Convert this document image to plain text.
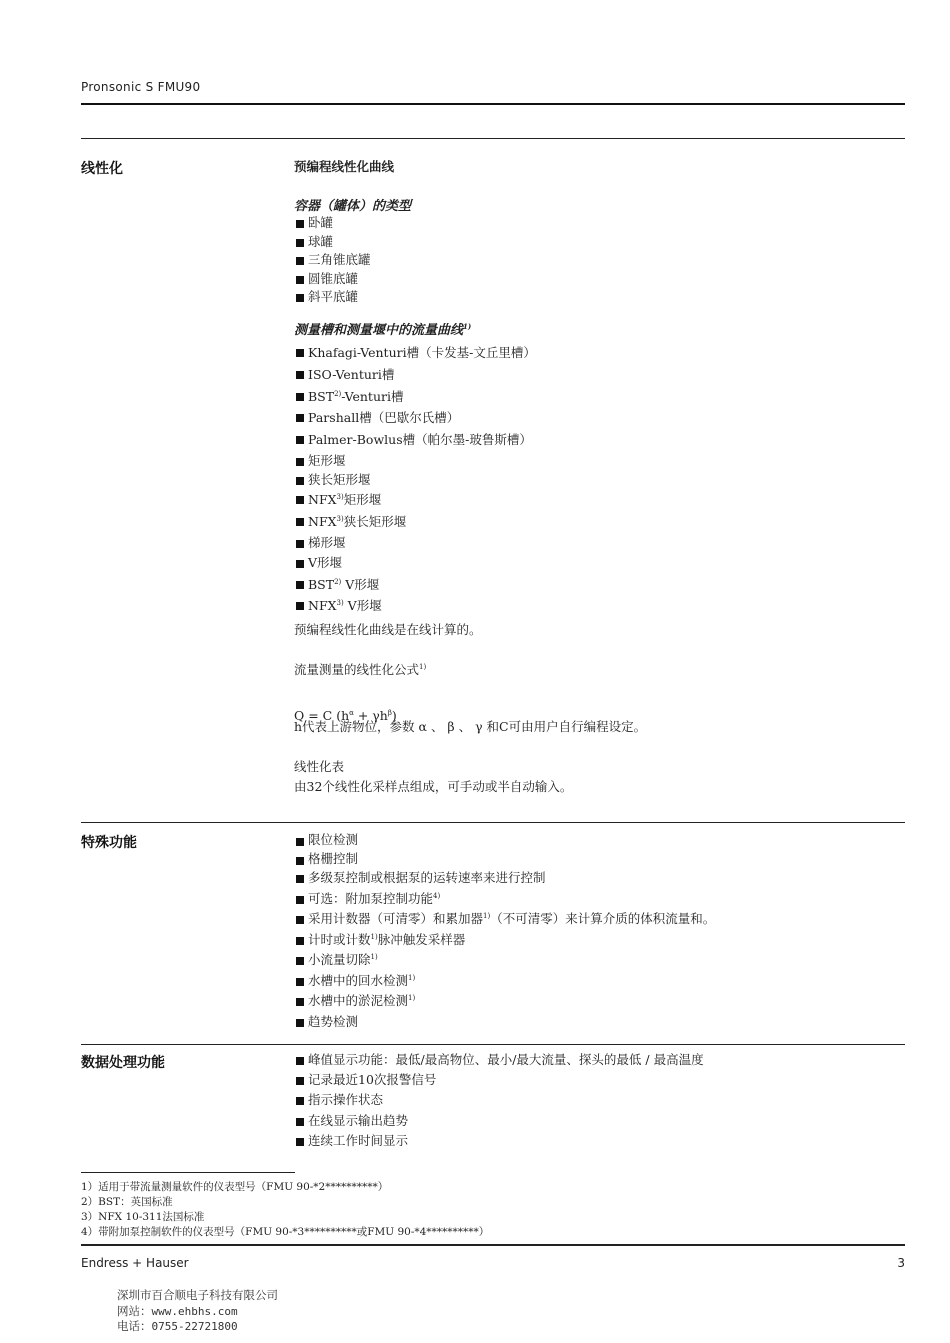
Pronsonic S FMU90
线性化	预编程线性化曲线
容器（罐体）的类型
卧罐
球罐
三角锥底罐
圆锥底罐
斜平底罐
测量槽和测量堰中的流量曲线$^{1)}$
Khafagi-Venturi槽（卡发基-文丘里槽）
ISO-Venturi槽
BST$^{2)}$-Venturi槽
Parshall槽（巴歇尔氏槽）
Palmer-Bowlus槽（帕尔墨-玻鲁斯槽）
矩形堰
狭长矩形堰
NFX$^{3)}$矩形堰
NFX$^{3)}$狭长矩形堰
梯形堰
V形堰
BST$^{2)}$ V形堰
NFX$^{3)}$ V形堰
预编程线性化曲线是在线计算的。
流量测量的线性化公式$^{1)}$
Q = C $(h^\alpha + \gamma h^\beta)$
h代表上游物位，参数 α 、 β 、 γ 和C可由用户自行编程设定。
线性化表
由32个线性化采样点组成，可手动或半自动输入。
特殊功能	限位检测
格栅控制
多级泵控制或根据泵的运转速率来进行控制
可选：附加泵控制功能$^{4)}$
采用计数器（可清零）和累加器$^{1)}$（不可清零）来计算介质的体积流量和。
计时或计数$^{1)}$脉冲触发采样器
小流量切除$^{1)}$
水槽中的回水检测$^{1)}$
水槽中的淤泥检测$^{1)}$
趋势检测
数据处理功能	峰值显示功能：最低/最高物位、最小/最大流量、探头的最低 / 最高温度
记录最近10次报警信号
指示操作状态
在线显示输出趋势
连续工作时间显示
1）适用于带流量测量软件的仪表型号（FMU 90-*2**********）
2）BST：英国标准
3）NFX 10-311法国标准
4）带附加泵控制软件的仪表型号（FMU 90-*3**********或FMU 90-*4**********）
Endress + Hauser	3
深圳市百合顺电子科技有限公司
网站：www.ehbhs.com
电话：0755-22721800
